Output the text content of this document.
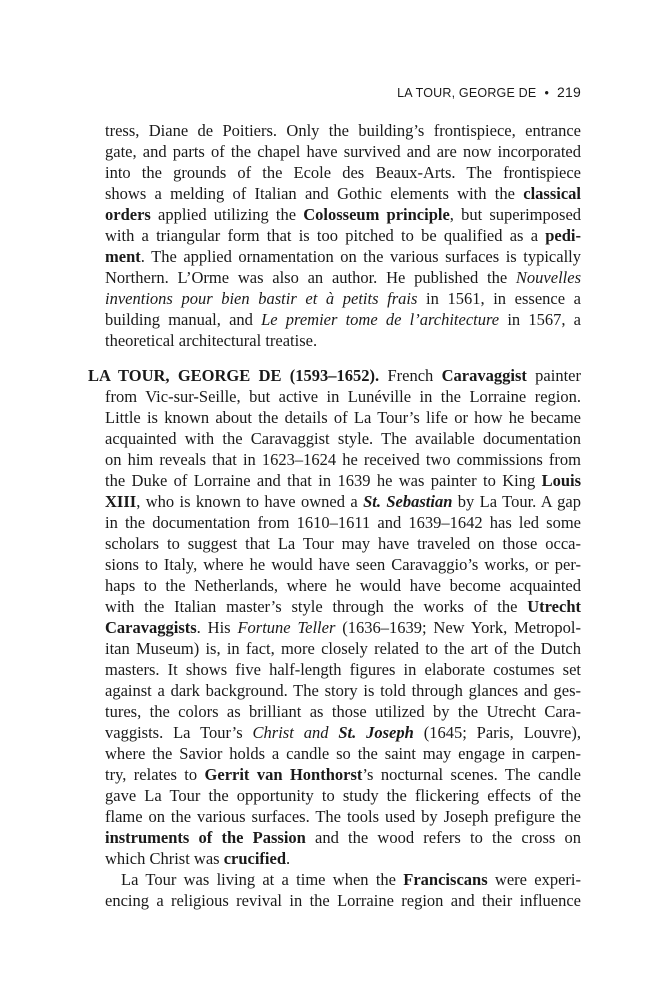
LA TOUR, GEORGE DE • 219
tress, Diane de Poitiers. Only the building’s frontispiece, entrance
gate, and parts of the chapel have survived and are now incorporated
into the grounds of the Ecole des Beaux-Arts. The frontispiece
shows a melding of Italian and Gothic elements with the classical
orders applied utilizing the Colosseum principle, but superimposed
with a triangular form that is too pitched to be qualified as a pedi-
ment. The applied ornamentation on the various surfaces is typically
Northern. L’Orme was also an author. He published the Nouvelles
inventions pour bien bastir et à petits frais in 1561, in essence a
building manual, and Le premier tome de l’architecture in 1567, a
theoretical architectural treatise.
LA TOUR, GEORGE DE (1593–1652). French Caravaggist painter
from Vic-sur-Seille, but active in Lunéville in the Lorraine region.
Little is known about the details of La Tour’s life or how he became
acquainted with the Caravaggist style. The available documentation
on him reveals that in 1623–1624 he received two commissions from
the Duke of Lorraine and that in 1639 he was painter to King Louis
XIII, who is known to have owned a St. Sebastian by La Tour. A gap
in the documentation from 1610–1611 and 1639–1642 has led some
scholars to suggest that La Tour may have traveled on those occa-
sions to Italy, where he would have seen Caravaggio’s works, or per-
haps to the Netherlands, where he would have become acquainted
with the Italian master’s style through the works of the Utrecht
Caravaggists. His Fortune Teller (1636–1639; New York, Metropol-
itan Museum) is, in fact, more closely related to the art of the Dutch
masters. It shows five half-length figures in elaborate costumes set
against a dark background. The story is told through glances and ges-
tures, the colors as brilliant as those utilized by the Utrecht Cara-
vaggists. La Tour’s Christ and St. Joseph (1645; Paris, Louvre),
where the Savior holds a candle so the saint may engage in carpen-
try, relates to Gerrit van Honthorst’s nocturnal scenes. The candle
gave La Tour the opportunity to study the flickering effects of the
flame on the various surfaces. The tools used by Joseph prefigure the
instruments of the Passion and the wood refers to the cross on
which Christ was crucified.
La Tour was living at a time when the Franciscans were experi-
encing a religious revival in the Lorraine region and their influence
